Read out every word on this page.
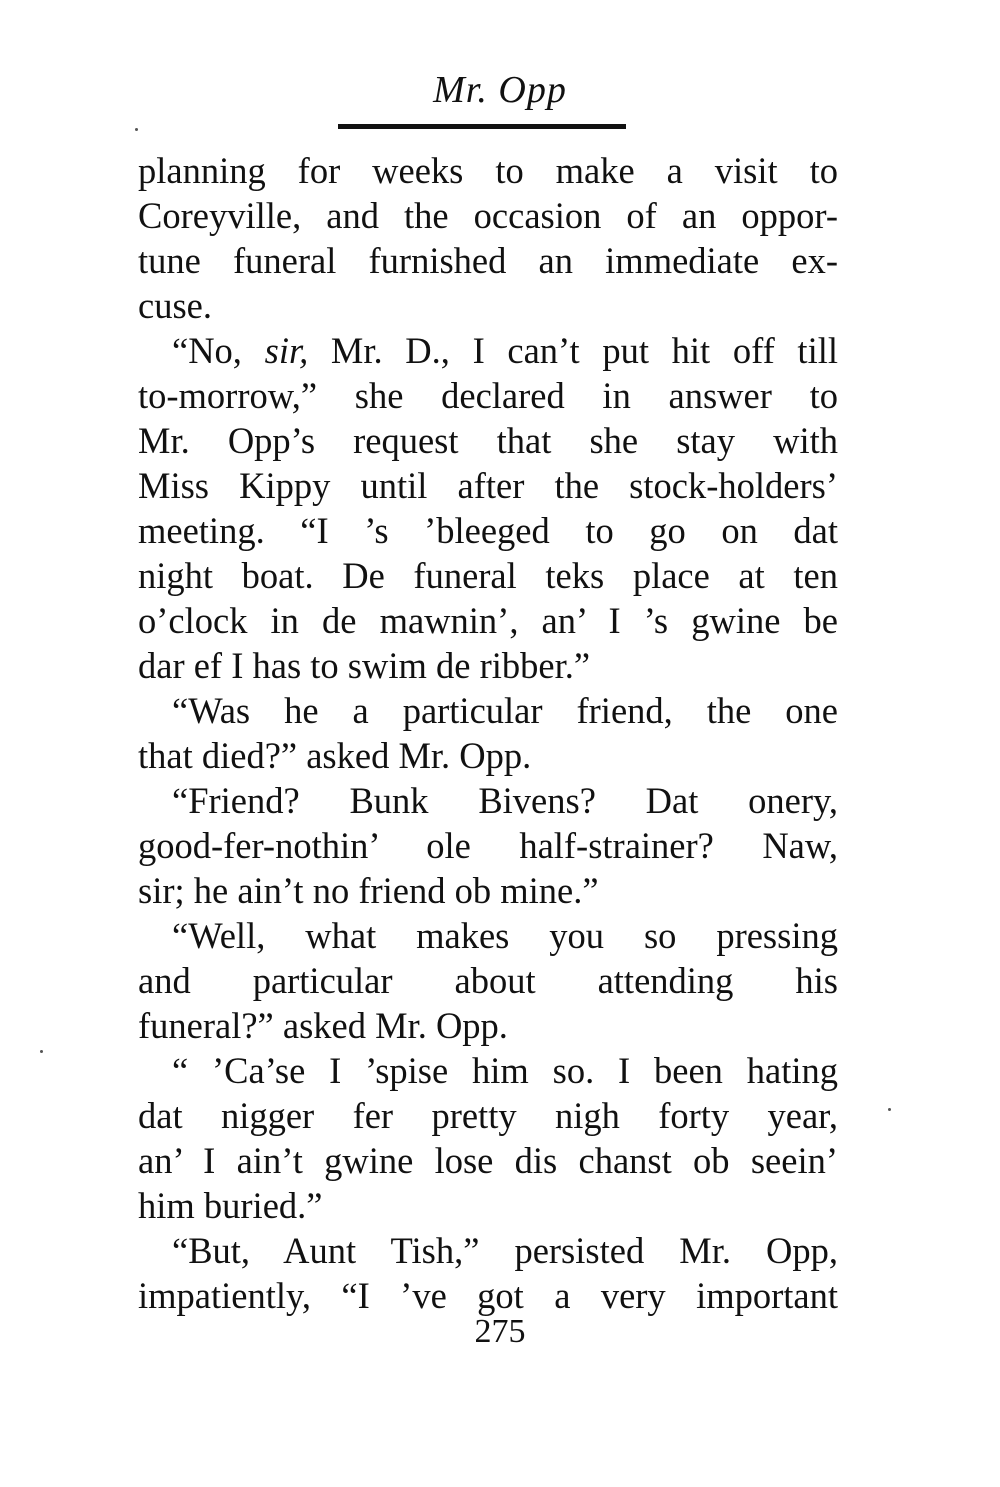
Mr. Opp
planning for weeks to make a visit to
Coreyville, and the occasion of an oppor-
tune funeral furnished an immediate ex-
cuse.
“No, sir, Mr. D., I can’t put hit off till
to-morrow,” she declared in answer to
Mr. Opp’s request that she stay with
Miss Kippy until after the stock-holders’
meeting. “I ’s ’bleeged to go on dat
night boat. De funeral teks place at ten
o’clock in de mawnin’, an’ I ’s gwine be
dar ef I has to swim de ribber.”
“Was he a particular friend, the one
that died?” asked Mr. Opp.
“Friend? Bunk Bivens? Dat onery,
good-fer-nothin’ ole half-strainer? Naw,
sir; he ain’t no friend ob mine.”
“Well, what makes you so pressing
and particular about attending his
funeral?” asked Mr. Opp.
“ ’Ca’se I ’spise him so. I been hating
dat nigger fer pretty nigh forty year,
an’ I ain’t gwine lose dis chanst ob seein’
him buried.”
“But, Aunt Tish,” persisted Mr. Opp,
impatiently, “I ’ve got a very important
275
